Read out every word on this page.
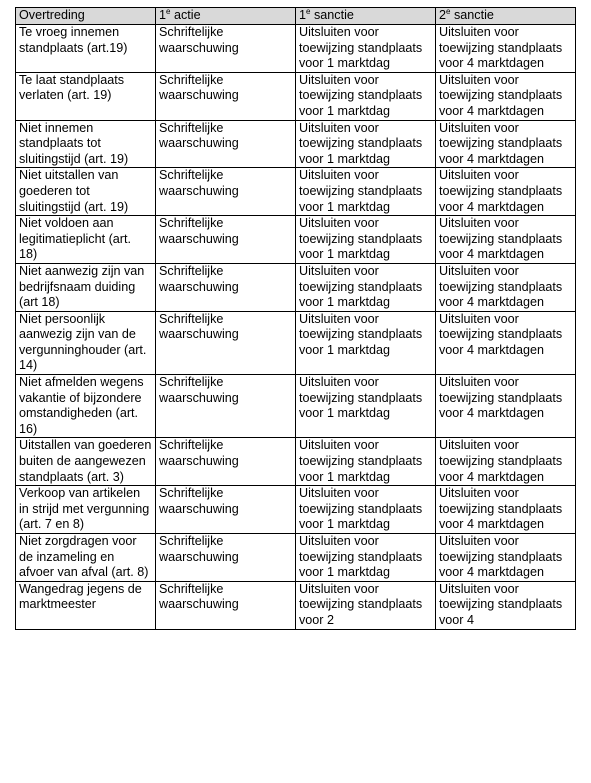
Overtreding	1e actie	1e sanctie	2e sanctie
Te vroeg innemen standplaats (art.19)	Schriftelijke waarschuwing	Uitsluiten voor toewijzing standplaats voor 1 marktdag	Uitsluiten voor toewijzing standplaats voor 4 marktdagen
Te laat standplaats verlaten (art. 19)	Schriftelijke waarschuwing	Uitsluiten voor toewijzing standplaats voor 1 marktdag	Uitsluiten voor toewijzing standplaats voor 4 marktdagen
Niet innemen standplaats tot sluitingstijd (art. 19)	Schriftelijke waarschuwing	Uitsluiten voor toewijzing standplaats voor 1 marktdag	Uitsluiten voor toewijzing standplaats voor 4 marktdagen
Niet uitstallen van goederen tot sluitingstijd (art. 19)	Schriftelijke waarschuwing	Uitsluiten voor toewijzing standplaats voor 1 marktdag	Uitsluiten voor toewijzing standplaats voor 4 marktdagen
Niet voldoen aan legitimatieplicht (art. 18)	Schriftelijke waarschuwing	Uitsluiten voor toewijzing standplaats voor 1 marktdag	Uitsluiten voor toewijzing standplaats voor 4 marktdagen
Niet aanwezig zijn van bedrijfsnaam duiding (art 18)	Schriftelijke waarschuwing	Uitsluiten voor toewijzing standplaats voor 1 marktdag	Uitsluiten voor toewijzing standplaats voor 4 marktdagen
Niet persoonlijk aanwezig zijn van de vergunninghouder (art. 14)	Schriftelijke waarschuwing	Uitsluiten voor toewijzing standplaats voor 1 marktdag	Uitsluiten voor toewijzing standplaats voor 4 marktdagen
Niet afmelden wegens vakantie of bijzondere omstandigheden (art. 16)	Schriftelijke waarschuwing	Uitsluiten voor toewijzing standplaats voor 1 marktdag	Uitsluiten voor toewijzing standplaats voor 4 marktdagen
Uitstallen van goederen buiten de aangewezen standplaats (art. 3)	Schriftelijke waarschuwing	Uitsluiten voor toewijzing standplaats voor 1 marktdag	Uitsluiten voor toewijzing standplaats voor 4 marktdagen
Verkoop van artikelen in strijd met vergunning (art. 7 en 8)	Schriftelijke waarschuwing	Uitsluiten voor toewijzing standplaats voor 1 marktdag	Uitsluiten voor toewijzing standplaats voor 4 marktdagen
Niet zorgdragen voor de inzameling en afvoer van afval (art. 8)	Schriftelijke waarschuwing	Uitsluiten voor toewijzing standplaats voor 1 marktdag	Uitsluiten voor toewijzing standplaats voor 4 marktdagen
Wangedrag jegens de marktmeester	Schriftelijke waarschuwing	Uitsluiten voor toewijzing standplaats voor 2	Uitsluiten voor toewijzing standplaats voor 4
